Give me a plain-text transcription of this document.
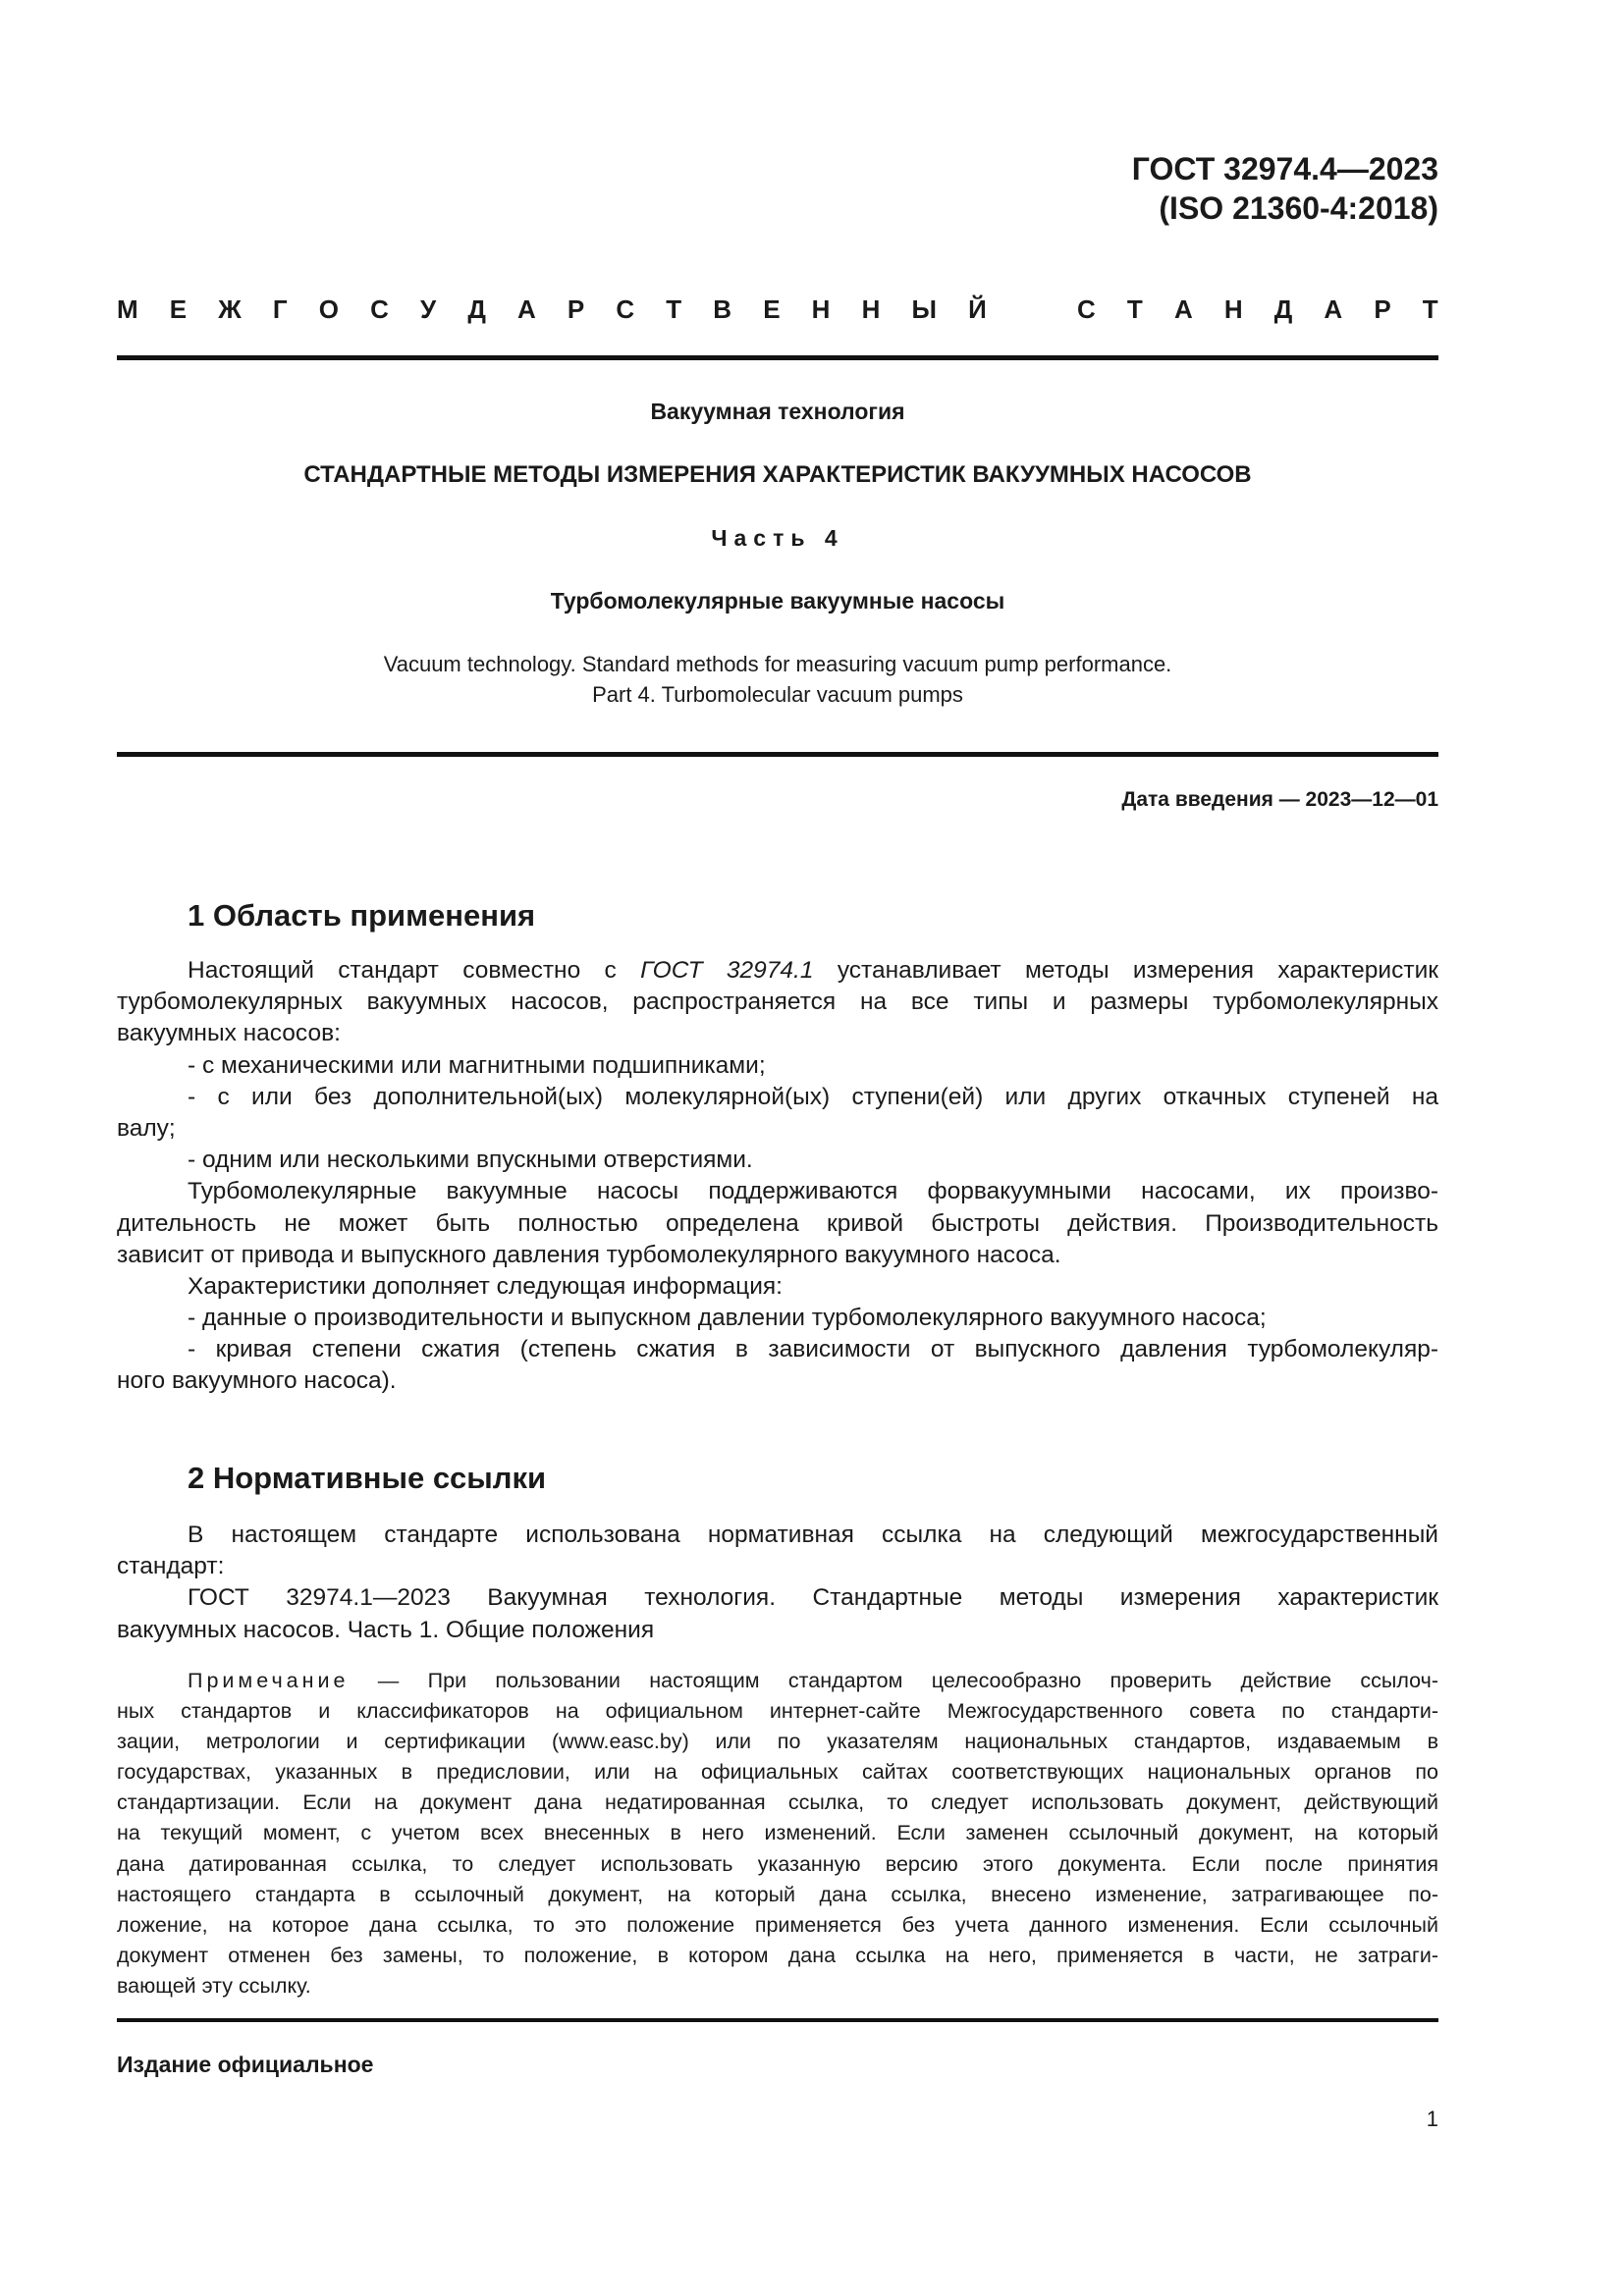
ГОСТ 32974.4—2023
(ISO 21360-4:2018)
М Е Ж Г О С У Д А Р С Т В Е Н Н Ы Й	С Т А Н Д А Р Т
Вакуумная технология
СТАНДАРТНЫЕ МЕТОДЫ ИЗМЕРЕНИЯ ХАРАКТЕРИСТИК ВАКУУМНЫХ НАСОСОВ
Часть 4
Турбомолекулярные вакуумные насосы
Vacuum technology. Standard methods for measuring vacuum pump performance.
Part 4. Turbomolecular vacuum pumps
Дата введения — 2023—12—01
1 Область применения
Настоящий стандарт совместно с ГОСТ 32974.1 устанавливает методы измерения характеристик
турбомолекулярных вакуумных насосов, распространяется на все типы и размеры турбомолекулярных
вакуумных насосов:
- с механическими или магнитными подшипниками;
- с или без дополнительной(ых) молекулярной(ых) ступени(ей) или других откачных ступеней на
валу;
- одним или несколькими впускными отверстиями.
Турбомолекулярные вакуумные насосы поддерживаются форвакуумными насосами, их произво-
дительность не может быть полностью определена кривой быстроты действия. Производительность
зависит от привода и выпускного давления турбомолекулярного вакуумного насоса.
Характеристики дополняет следующая информация:
- данные о производительности и выпускном давлении турбомолекулярного вакуумного насоса;
- кривая степени сжатия (степень сжатия в зависимости от выпускного давления турбомолекуляр-
ного вакуумного насоса).
2 Нормативные ссылки
В настоящем стандарте использована нормативная ссылка на следующий межгосударственный
стандарт:
ГОСТ 32974.1—2023 Вакуумная технология. Стандартные методы измерения характеристик
вакуумных насосов. Часть 1. Общие положения
Примечание — При пользовании настоящим стандартом целесообразно проверить действие ссылоч-
ных стандартов и классификаторов на официальном интернет-сайте Межгосударственного совета по стандарти-
зации, метрологии и сертификации (www.easc.by) или по указателям национальных стандартов, издаваемым в
государствах, указанных в предисловии, или на официальных сайтах соответствующих национальных органов по
стандартизации. Если на документ дана недатированная ссылка, то следует использовать документ, действующий
на текущий момент, с учетом всех внесенных в него изменений. Если заменен ссылочный документ, на который
дана датированная ссылка, то следует использовать указанную версию этого документа. Если после принятия
настоящего стандарта в ссылочный документ, на который дана ссылка, внесено изменение, затрагивающее по-
ложение, на которое дана ссылка, то это положение применяется без учета данного изменения. Если ссылочный
документ отменен без замены, то положение, в котором дана ссылка на него, применяется в части, не затраги-
вающей эту ссылку.
Издание официальное
1
